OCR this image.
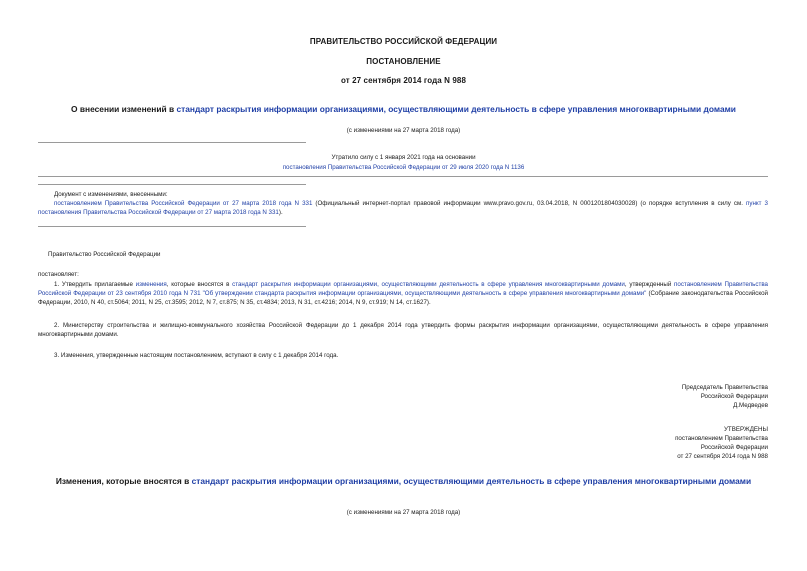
ПРАВИТЕЛЬСТВО РОССИЙСКОЙ ФЕДЕРАЦИИ
ПОСТАНОВЛЕНИЕ
от 27 сентября 2014 года N 988
О внесении изменений в стандарт раскрытия информации организациями, осуществляющими деятельность в сфере управления многоквартирными домами
(с изменениями на 27 марта 2018 года)
Утратило силу с 1 января 2021 года на основании
постановления Правительства Российской Федерации от 29 июля 2020 года N 1136
Документ с изменениями, внесенными:
постановлением Правительства Российской Федерации от 27 марта 2018 года N 331 (Официальный интернет-портал правовой информации www.pravo.gov.ru, 03.04.2018, N 0001201804030028) (о порядке вступления в силу см. пункт 3 постановления Правительства Российской Федерации от 27 марта 2018 года N 331).
Правительство Российской Федерации
постановляет:
1. Утвердить прилагаемые изменения, которые вносятся в стандарт раскрытия информации организациями, осуществляющими деятельность в сфере управления многоквартирными домами, утвержденный постановлением Правительства Российской Федерации от 23 сентября 2010 года N 731 "Об утверждении стандарта раскрытия информации организациями, осуществляющими деятельность в сфере управления многоквартирными домами" (Собрание законодательства Российской Федерации, 2010, N 40, ст.5064; 2011, N 25, ст.3595; 2012, N 7, ст.875; N 35, ст.4834; 2013, N 31, ст.4216; 2014, N 9, ст.919; N 14, ст.1627).
2. Министерству строительства и жилищно-коммунального хозяйства Российской Федерации до 1 декабря 2014 года утвердить формы раскрытия информации организациями, осуществляющими деятельность в сфере управления многоквартирными домами.
3. Изменения, утвержденные настоящим постановлением, вступают в силу с 1 декабря 2014 года.
Председатель Правительства
Российской Федерации
Д.Медведев
УТВЕРЖДЕНЫ
постановлением Правительства
Российской Федерации
от 27 сентября 2014 года N 988
Изменения, которые вносятся в стандарт раскрытия информации организациями, осуществляющими деятельность в сфере управления многоквартирными домами
(с изменениями на 27 марта 2018 года)
